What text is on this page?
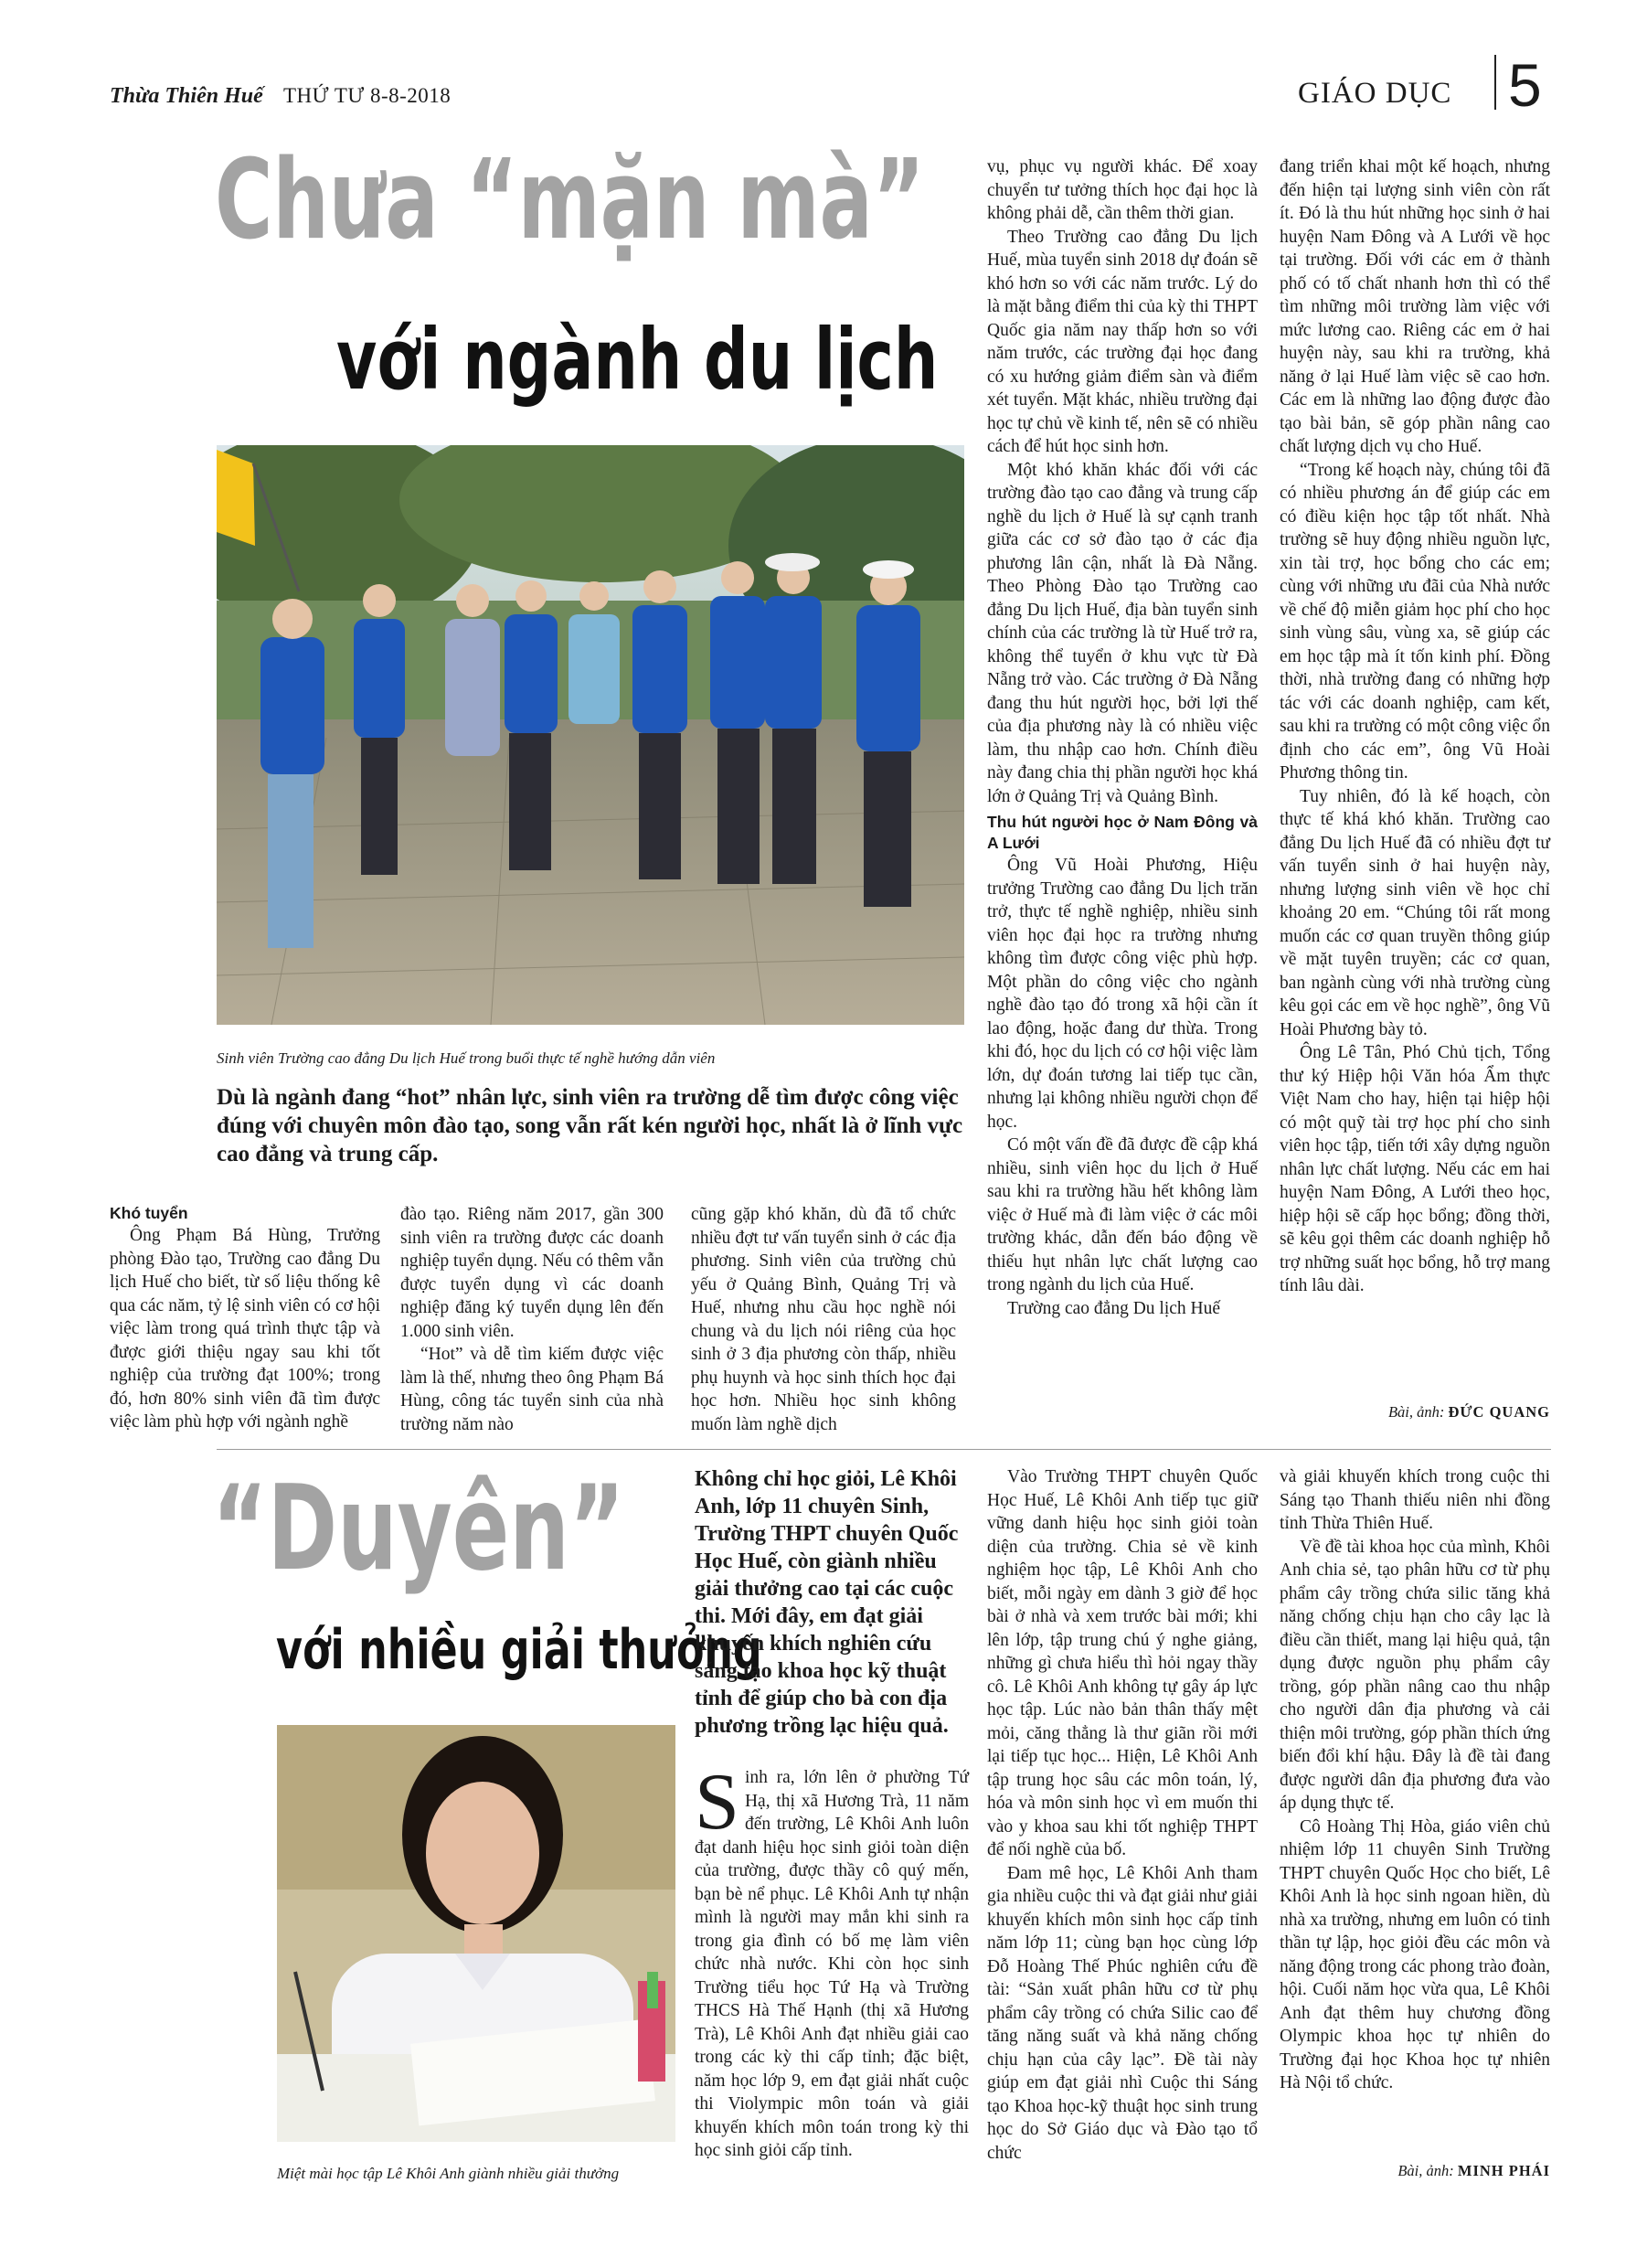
Thừa Thiên Huế THỨ TƯ 8-8-2018	GIÁO DỤC 5
Chưa “mặn mà”
với ngành du lịch
Sinh viên Trường cao đẳng Du lịch Huế trong buổi thực tế nghề hướng dẫn viên
Dù là ngành đang “hot” nhân lực, sinh viên ra trường dễ tìm được công việc đúng với chuyên môn đào tạo, song vẫn rất kén người học, nhất là ở lĩnh vực cao đẳng và trung cấp.

Khó tuyển

Ông Phạm Bá Hùng, Trưởng phòng Đào tạo, Trường cao đẳng Du lịch Huế cho biết, từ số liệu thống kê qua các năm, tỷ lệ sinh viên có cơ hội việc làm trong quá trình thực tập và được giới thiệu ngay sau khi tốt nghiệp của trường đạt 100%; trong đó, hơn 80% sinh viên đã tìm được việc làm phù hợp với ngành nghề

đào tạo. Riêng năm 2017, gần 300 sinh viên ra trường được các doanh nghiệp tuyển dụng. Nếu có thêm vẫn được tuyển dụng vì các doanh nghiệp đăng ký tuyển dụng lên đến 1.000 sinh viên.

“Hot” và dễ tìm kiếm được việc làm là thế, nhưng theo ông Phạm Bá Hùng, công tác tuyển sinh của nhà trường năm nào

cũng gặp khó khăn, dù đã tổ chức nhiều đợt tư vấn tuyển sinh ở các địa phương. Sinh viên của trường chủ yếu ở Quảng Bình, Quảng Trị và Huế, nhưng nhu cầu học nghề nói chung và du lịch nói riêng của học sinh ở 3 địa phương còn thấp, nhiều phụ huynh và học sinh thích học đại học hơn. Nhiều học sinh không muốn làm nghề dịch

vụ, phục vụ người khác. Để xoay chuyển tư tưởng thích học đại học là không phải dễ, cần thêm thời gian.

Theo Trường cao đẳng Du lịch Huế, mùa tuyển sinh 2018 dự đoán sẽ khó hơn so với các năm trước. Lý do là mặt bằng điểm thi của kỳ thi THPT Quốc gia năm nay thấp hơn so với năm trước, các trường đại học đang có xu hướng giảm điểm sàn và điểm xét tuyển. Mặt khác, nhiều trường đại học tự chủ về kinh tế, nên sẽ có nhiều cách để hút học sinh hơn.

Một khó khăn khác đối với các trường đào tạo cao đẳng và trung cấp nghề du lịch ở Huế là sự cạnh tranh giữa các cơ sở đào tạo ở các địa phương lân cận, nhất là Đà Nẵng. Theo Phòng Đào tạo Trường cao đẳng Du lịch Huế, địa bàn tuyển sinh chính của các trường là từ Huế trở ra, không thể tuyển ở khu vực từ Đà Nẵng trở vào. Các trường ở Đà Nẵng đang thu hút người học, bởi lợi thế của địa phương này là có nhiều việc làm, thu nhập cao hơn. Chính điều này đang chia thị phần người học khá lớn ở Quảng Trị và Quảng Bình.

Thu hút người học ở Nam Đông và A Lưới

Ông Vũ Hoài Phương, Hiệu trưởng Trường cao đẳng Du lịch trăn trở, thực tế nghề nghiệp, nhiều sinh viên học đại học ra trường nhưng không tìm được công việc phù hợp. Một phần do công việc cho ngành nghề đào tạo đó trong xã hội cần ít lao động, hoặc đang dư thừa. Trong khi đó, học du lịch có cơ hội việc làm lớn, dự đoán tương lai tiếp tục cần, nhưng lại không nhiều người chọn để học.

Có một vấn đề đã được đề cập khá nhiều, sinh viên học du lịch ở Huế sau khi ra trường hầu hết không làm việc ở Huế mà đi làm việc ở các môi trường khác, dẫn đến báo động về thiếu hụt nhân lực chất lượng cao trong ngành du lịch của Huế.

Trường cao đẳng Du lịch Huế

đang triển khai một kế hoạch, nhưng đến hiện tại lượng sinh viên còn rất ít. Đó là thu hút những học sinh ở hai huyện Nam Đông và A Lưới về học tại trường. Đối với các em ở thành phố có tố chất nhanh hơn thì có thể tìm những môi trường làm việc với mức lương cao. Riêng các em ở hai huyện này, sau khi ra trường, khả năng ở lại Huế làm việc sẽ cao hơn. Các em là những lao động được đào tạo bài bản, sẽ góp phần nâng cao chất lượng dịch vụ cho Huế.

“Trong kế hoạch này, chúng tôi đã có nhiều phương án để giúp các em có điều kiện học tập tốt nhất. Nhà trường sẽ huy động nhiều nguồn lực, xin tài trợ, học bổng cho các em; cùng với những ưu đãi của Nhà nước về chế độ miễn giảm học phí cho học sinh vùng sâu, vùng xa, sẽ giúp các em học tập mà ít tốn kinh phí. Đồng thời, nhà trường đang có những hợp tác với các doanh nghiệp, cam kết, sau khi ra trường có một công việc ổn định cho các em”, ông Vũ Hoài Phương thông tin.

Tuy nhiên, đó là kế hoạch, còn thực tế khá khó khăn. Trường cao đẳng Du lịch Huế đã có nhiều đợt tư vấn tuyển sinh ở hai huyện này, nhưng lượng sinh viên về học chỉ khoảng 20 em. “Chúng tôi rất mong muốn các cơ quan truyền thông giúp về mặt tuyên truyền; các cơ quan, ban ngành cùng với nhà trường cùng kêu gọi các em về học nghề”, ông Vũ Hoài Phương bày tỏ.

Ông Lê Tân, Phó Chủ tịch, Tổng thư ký Hiệp hội Văn hóa Ẩm thực Việt Nam cho hay, hiện tại hiệp hội có một quỹ tài trợ học phí cho sinh viên học tập, tiến tới xây dựng nguồn nhân lực chất lượng. Nếu các em hai huyện Nam Đông, A Lưới theo học, hiệp hội sẽ cấp học bổng; đồng thời, sẽ kêu gọi thêm các doanh nghiệp hỗ trợ những suất học bổng, hỗ trợ mang tính lâu dài.

Bài, ảnh: ĐỨC QUANG
“Duyên”
với nhiều giải thưởng
Không chỉ học giỏi, Lê Khôi Anh, lớp 11 chuyên Sinh, Trường THPT chuyên Quốc Học Huế, còn giành nhiều giải thưởng cao tại các cuộc thi. Mới đây, em đạt giải khuyến khích nghiên cứu sáng tạo khoa học kỹ thuật tỉnh để giúp cho bà con địa phương trồng lạc hiệu quả.
Miệt mài học tập Lê Khôi Anh giành nhiều giải thưởng
S inh ra, lớn lên ở phường Tứ Hạ, thị xã Hương Trà, 11 năm đến trường, Lê Khôi Anh luôn đạt danh hiệu học sinh giỏi toàn diện của trường, được thầy cô quý mến, bạn bè nể phục. Lê Khôi Anh tự nhận mình là người may mắn khi sinh ra trong gia đình có bố mẹ làm viên chức nhà nước. Khi còn học sinh Trường tiểu học Tứ Hạ và Trường THCS Hà Thế Hạnh (thị xã Hương Trà), Lê Khôi Anh đạt nhiều giải cao trong các kỳ thi cấp tỉnh; đặc biệt, năm học lớp 9, em đạt giải nhất cuộc thi Violympic môn toán và giải khuyến khích môn toán trong kỳ thi học sinh giỏi cấp tỉnh.

Vào Trường THPT chuyên Quốc Học Huế, Lê Khôi Anh tiếp tục giữ vững danh hiệu học sinh giỏi toàn diện của trường. Chia sẻ về kinh nghiệm học tập, Lê Khôi Anh cho biết, mỗi ngày em dành 3 giờ để học bài ở nhà và xem trước bài mới; khi lên lớp, tập trung chú ý nghe giảng, những gì chưa hiểu thì hỏi ngay thầy cô. Lê Khôi Anh không tự gây áp lực học tập. Lúc nào bản thân thấy mệt mỏi, căng thẳng là thư giãn rồi mới lại tiếp tục học... Hiện, Lê Khôi Anh tập trung học sâu các môn toán, lý, hóa và môn sinh học vì em muốn thi vào y khoa sau khi tốt nghiệp THPT để nối nghề của bố.

Đam mê học, Lê Khôi Anh tham gia nhiều cuộc thi và đạt giải như giải khuyến khích môn sinh học cấp tỉnh năm lớp 11; cùng bạn học cùng lớp Đỗ Hoàng Thế Phúc nghiên cứu đề tài: “Sản xuất phân hữu cơ từ phụ phẩm cây trồng có chứa Silic cao để tăng năng suất và khả năng chống chịu hạn của cây lạc”. Đề tài này giúp em đạt giải nhì Cuộc thi Sáng tạo Khoa học-kỹ thuật học sinh trung học do Sở Giáo dục và Đào tạo tổ chức

và giải khuyến khích trong cuộc thi Sáng tạo Thanh thiếu niên nhi đồng tỉnh Thừa Thiên Huế.

Về đề tài khoa học của mình, Khôi Anh chia sẻ, tạo phân hữu cơ từ phụ phẩm cây trồng chứa silic tăng khả năng chống chịu hạn cho cây lạc là điều cần thiết, mang lại hiệu quả, tận dụng được nguồn phụ phẩm cây trồng, góp phần nâng cao thu nhập cho người dân địa phương và cải thiện môi trường, góp phần thích ứng biến đổi khí hậu. Đây là đề tài đang được người dân địa phương đưa vào áp dụng thực tế.

Cô Hoàng Thị Hòa, giáo viên chủ nhiệm lớp 11 chuyên Sinh Trường THPT chuyên Quốc Học cho biết, Lê Khôi Anh là học sinh ngoan hiền, dù nhà xa trường, nhưng em luôn có tinh thần tự lập, học giỏi đều các môn và năng động trong các phong trào đoàn, hội. Cuối năm học vừa qua, Lê Khôi Anh đạt thêm huy chương đồng Olympic khoa học tự nhiên do Trường đại học Khoa học tự nhiên Hà Nội tổ chức.

Bài, ảnh: MINH PHÁI
